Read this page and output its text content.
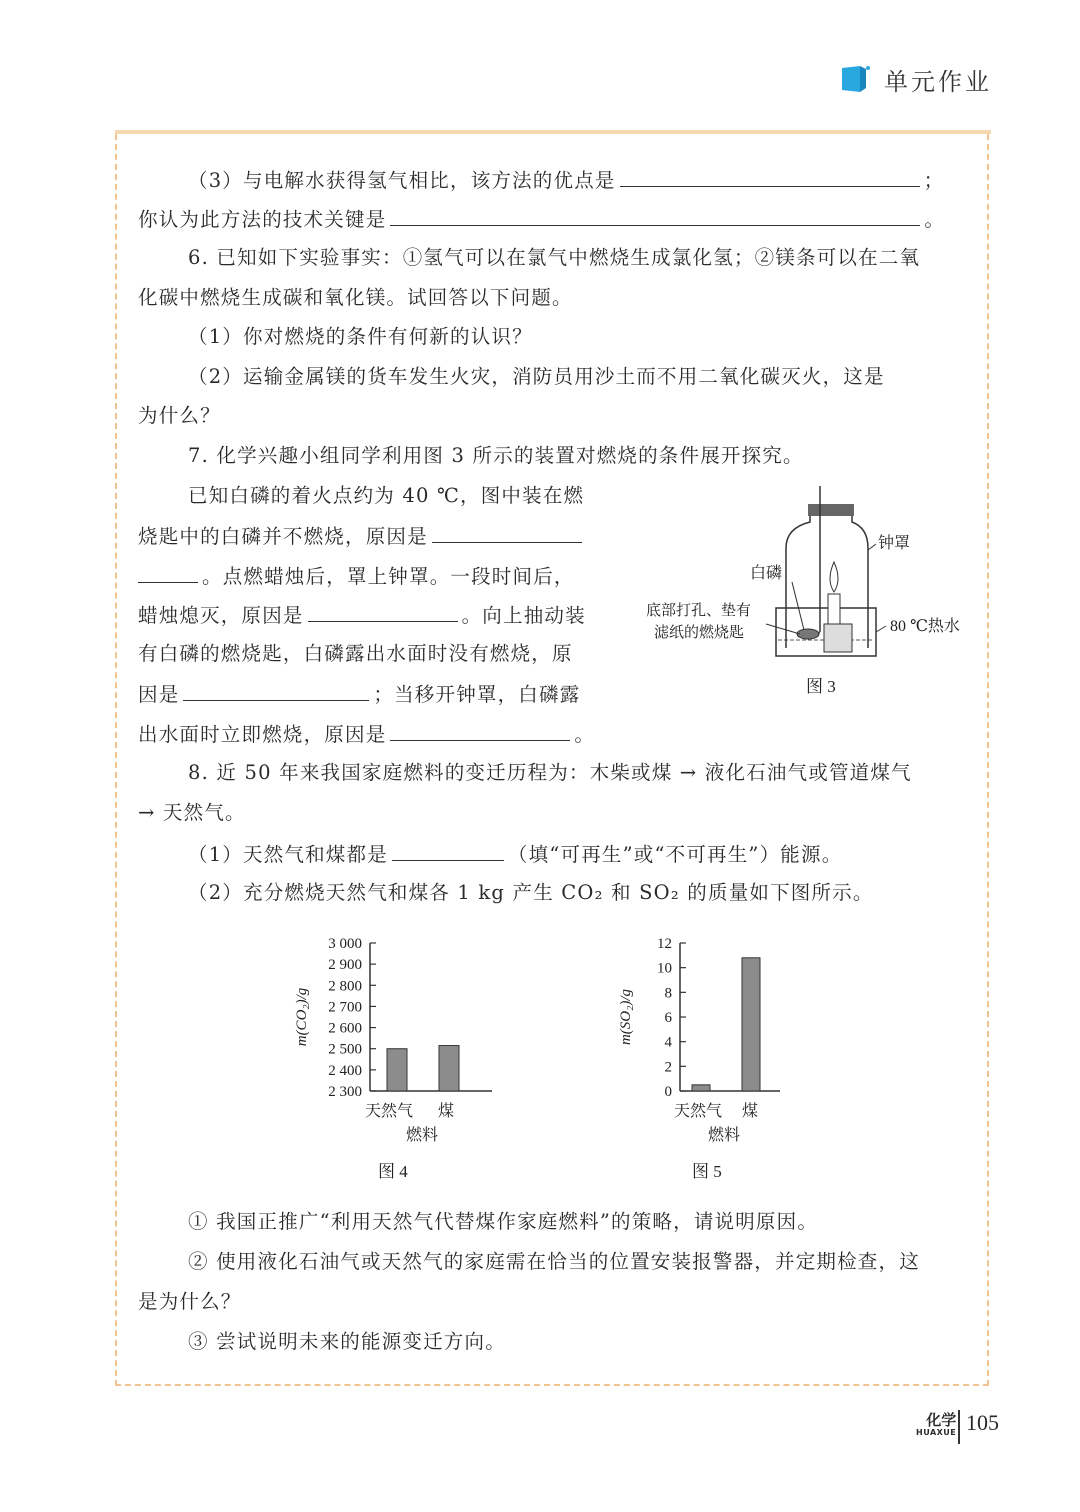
单元作业
（3）与电解水获得氢气相比，该方法的优点是	；
你认为此方法的技术关键是	。
6. 已知如下实验事实：①氢气可以在氯气中燃烧生成氯化氢；②镁条可以在二氧
化碳中燃烧生成碳和氧化镁。试回答以下问题。
（1）你对燃烧的条件有何新的认识？
（2）运输金属镁的货车发生火灾，消防员用沙土而不用二氧化碳灭火，这是
为什么？
7. 化学兴趣小组同学利用图 3 所示的装置对燃烧的条件展开探究。
已知白磷的着火点约为 40 ℃，图中装在燃
烧匙中的白磷并不燃烧，原因是
。点燃蜡烛后，罩上钟罩。一段时间后，
蜡烛熄灭，原因是	。向上抽动装
有白磷的燃烧匙，白磷露出水面时没有燃烧，原
因是	；当移开钟罩，白磷露
出水面时立即燃烧，原因是	。
钟罩
白磷
底部打孔、垫有
滤纸的燃烧匙	80 ℃热水
图 3
8. 近 50 年来我国家庭燃料的变迁历程为：木柴或煤 → 液化石油气或管道煤气
→ 天然气。
（1）天然气和煤都是	（填“可再生”或“不可再生”）能源。
（2）充分燃烧天然气和煤各 1 kg 产生 CO₂ 和 SO₂ 的质量如下图所示。
2 300
2 400
2 500
2 600
2 700
2 800
2 900
3 000
天然气 煤
燃料
m(CO₂)/g
图 4
0
2
4
6
8
10
12
天然气 煤
燃料
m(SO₂)/g
图 5
① 我国正推广“利用天然气代替煤作家庭燃料”的策略，请说明原因。
② 使用液化石油气或天然气的家庭需在恰当的位置安装报警器，并定期检查，这
是为什么？
③ 尝试说明未来的能源变迁方向。
化学
HUAXUE 105
